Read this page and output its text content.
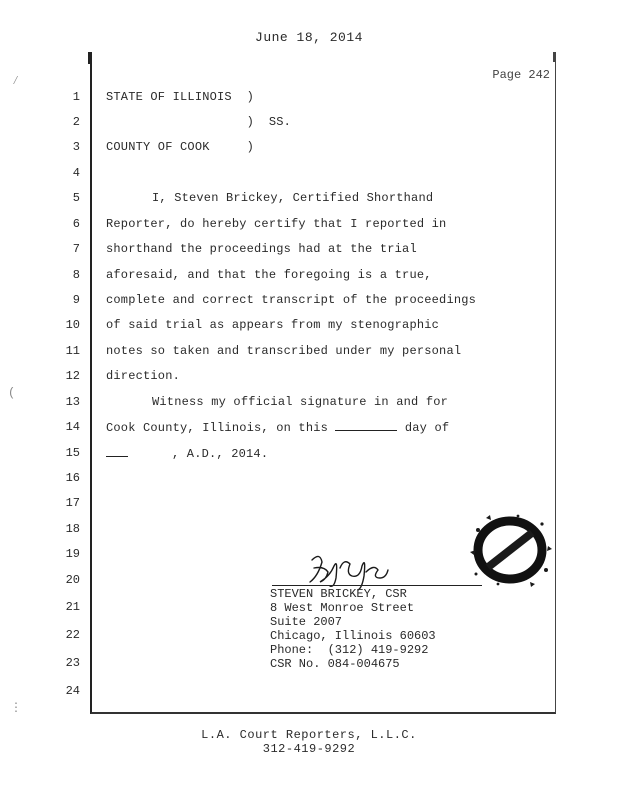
June 18, 2014
Page 242
1
2
3
4
5
6
7
8
9
10
11
12
13
14
15
16
17
18
19
20
21
22
23
24
STATE OF ILLINOIS  )
)  SS.
COUNTY OF COOK     )
I, Steven Brickey, Certified Shorthand
Reporter, do hereby certify that I reported in
shorthand the proceedings had at the trial
aforesaid, and that the foregoing is a true,
complete and correct transcript of the proceedings
of said trial as appears from my stenographic
notes so taken and transcribed under my personal
direction.
Witness my official signature in and for
Cook County, Illinois, on this	day of
, A.D., 2014.
STEVEN BRICKEY, CSR
8 West Monroe Street
Suite 2007
Chicago, Illinois 60603
Phone:  (312) 419-9292
CSR No. 084-004675
⁄
(
⋮
L.A. Court Reporters, L.L.C.
312-419-9292
